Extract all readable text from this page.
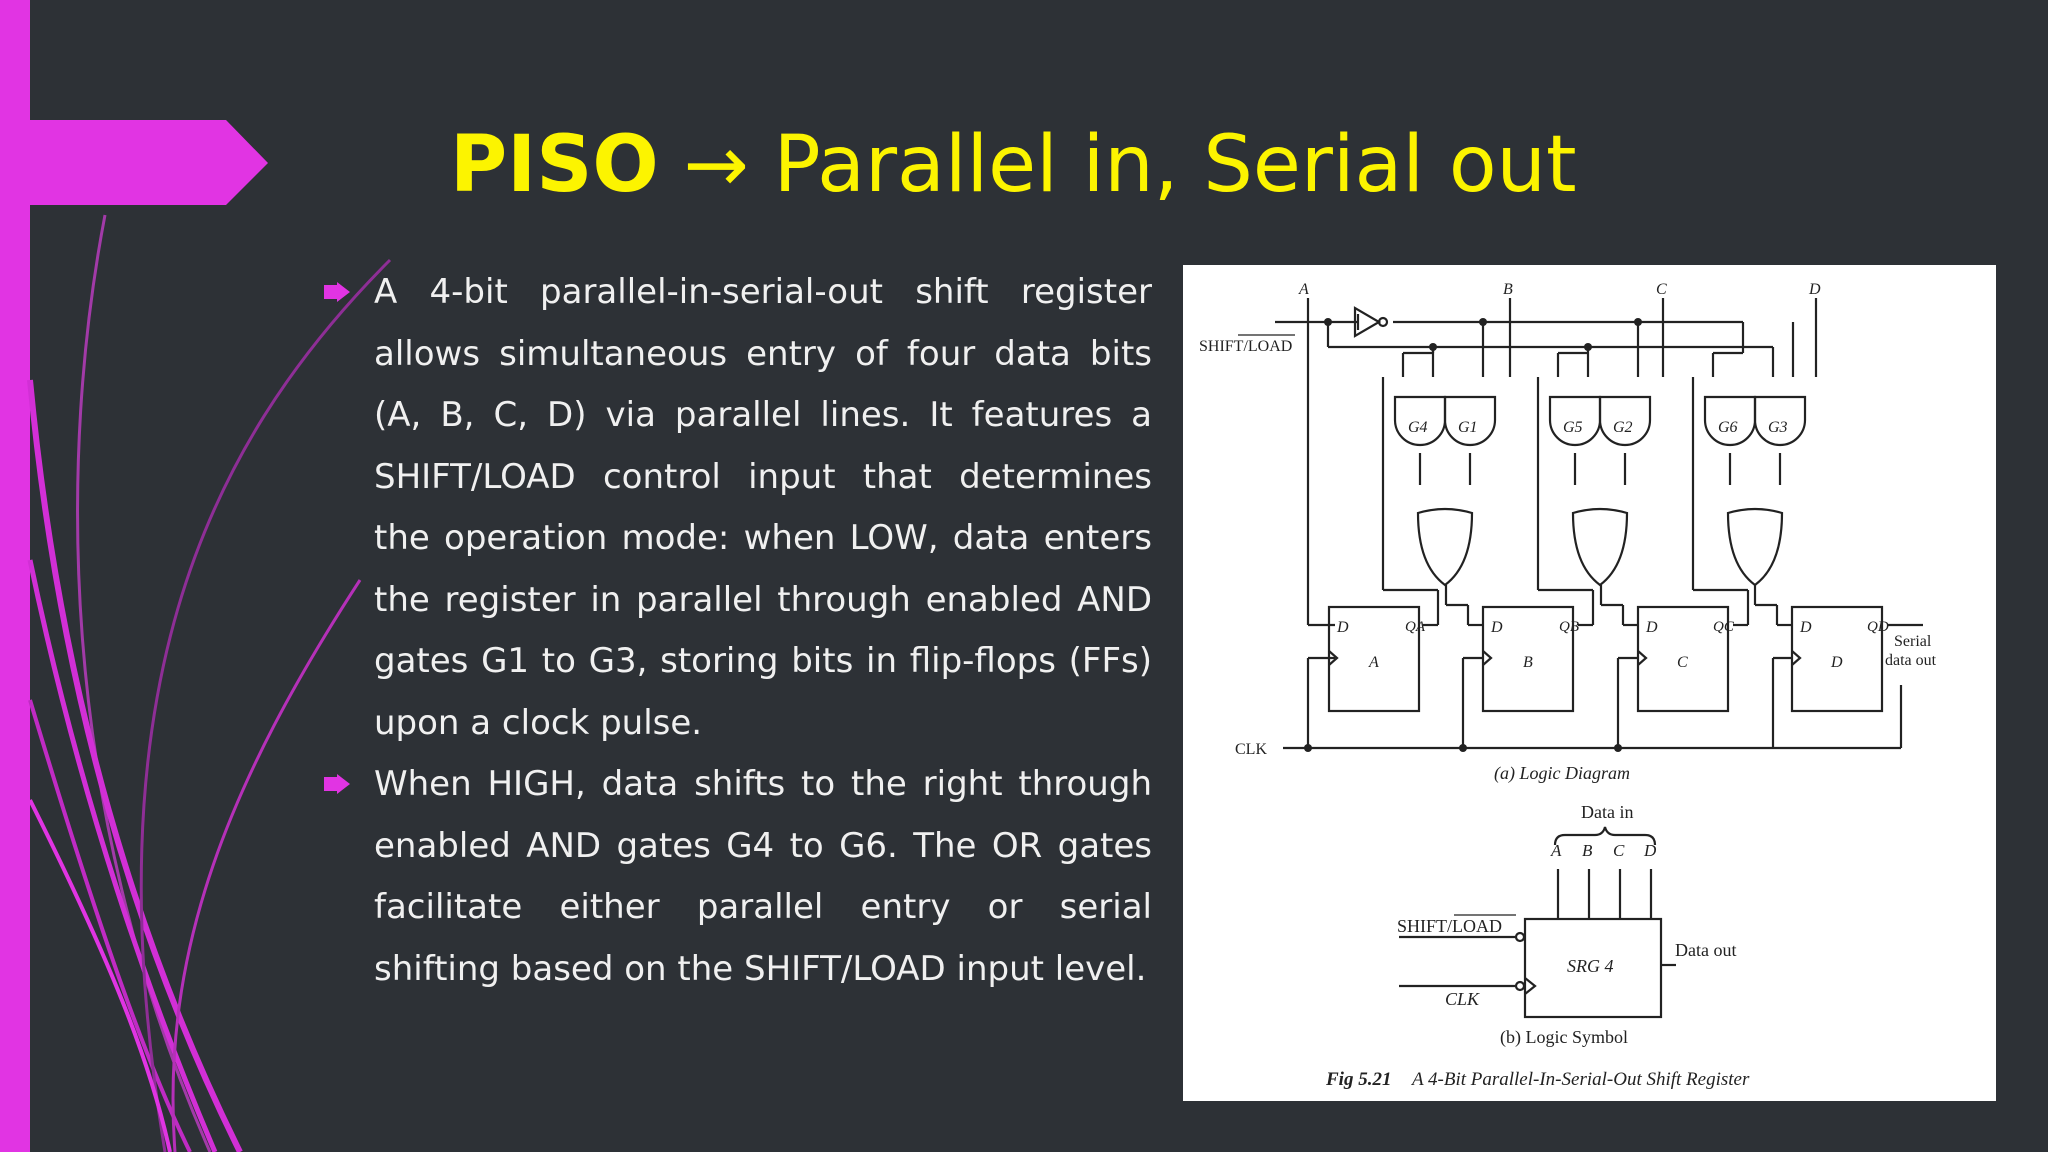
PISO → Parallel in, Serial out
A 4-bit parallel-in-serial-out shift register allows simultaneous entry of four data bits (A, B, C, D) via parallel lines. It features a SHIFT/LOAD control input that determines the operation mode: when LOW, data enters the register in parallel through enabled AND gates G1 to G3, storing bits in flip-flops (FFs) upon a clock pulse.
When HIGH, data shifts to the right through enabled AND gates G4 to G6. The OR gates facilitate either parallel entry or serial shifting based on the SHIFT/LOAD input level.
A	B	C	D
SHIFT/LOAD
G4 G1	G5 G2	G6 G3
D	D	D	D
QA	QB	QC	QD
A	B	C	D
Serial
data out
CLK
(a) Logic Diagram
Data in
A B C D
SHIFT/LOAD
CLK
SRG 4
Data out
(b) Logic Symbol
Fig 5.21 A 4-Bit Parallel-In-Serial-Out Shift Register
